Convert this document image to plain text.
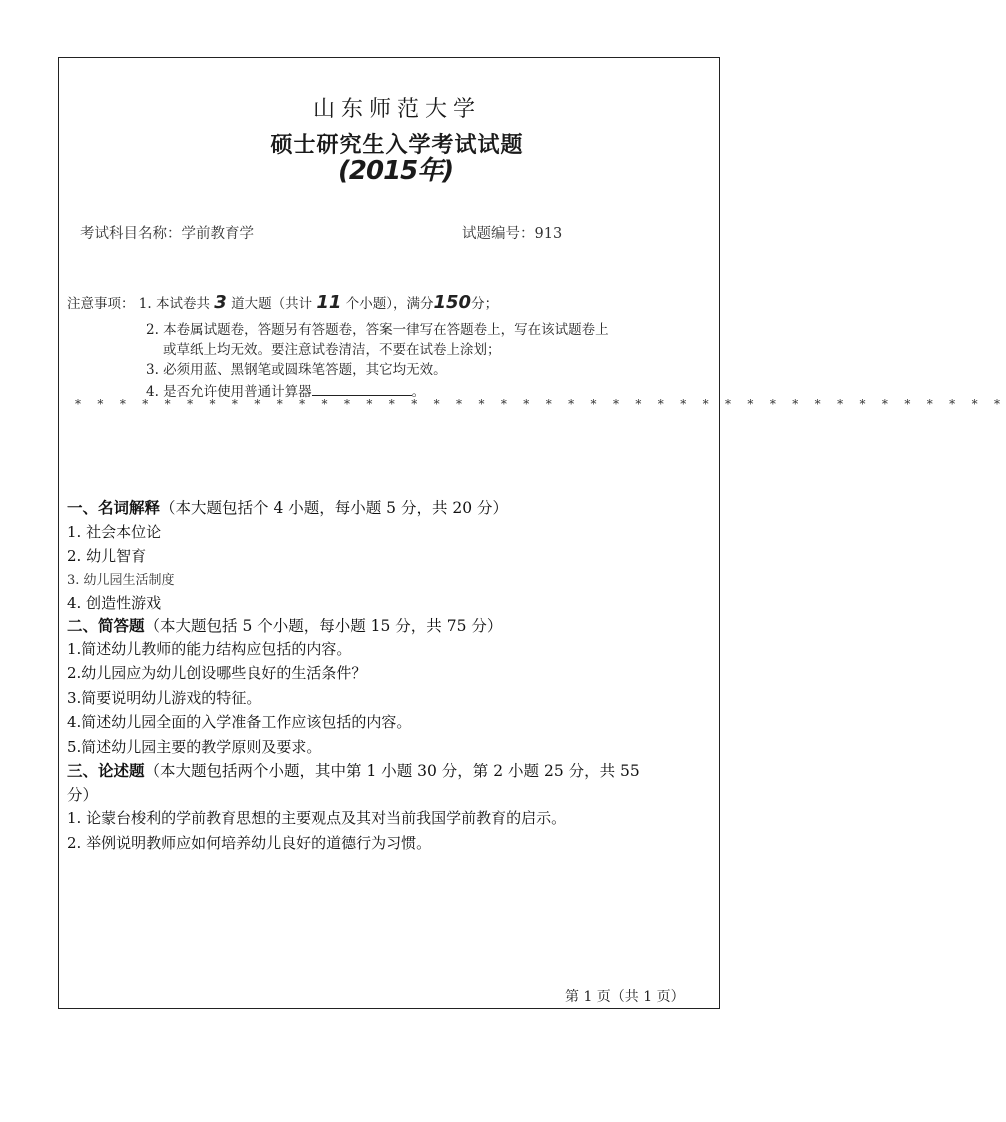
山东师范大学
硕士研究生入学考试试题
(2015年)
考试科目名称：学前教育学	试题编号：913
注意事项： 1. 本试卷共 3 道大题（共计 11 个小题），满分150分；
2. 本卷属试题卷，答题另有答题卷，答案一律写在答题卷上，写在该试题卷上
或草纸上均无效。要注意试卷清洁，不要在试卷上涂划；
3. 必须用蓝、黑钢笔或圆珠笔答题，其它均无效。
4. 是否允许使用普通计算器	。
* * * * * * * * * * * * * * * * * * * * * * * * * * * * * * * * * * * * * * * * * *
一、名词解释（本大题包括个 4 小题，每小题 5 分，共 20 分）
1. 社会本位论
2. 幼儿智育
3. 幼儿园生活制度
4. 创造性游戏
二、简答题（本大题包括 5 个小题，每小题 15 分，共 75 分）
1.简述幼儿教师的能力结构应包括的内容。
2.幼儿园应为幼儿创设哪些良好的生活条件？
3.简要说明幼儿游戏的特征。
4.简述幼儿园全面的入学准备工作应该包括的内容。
5.简述幼儿园主要的教学原则及要求。
三、论述题（本大题包括两个小题，其中第 1 小题 30 分，第 2 小题 25 分，共 55
分）
1. 论蒙台梭利的学前教育思想的主要观点及其对当前我国学前教育的启示。
2. 举例说明教师应如何培养幼儿良好的道德行为习惯。
第 1 页（共 1 页）
